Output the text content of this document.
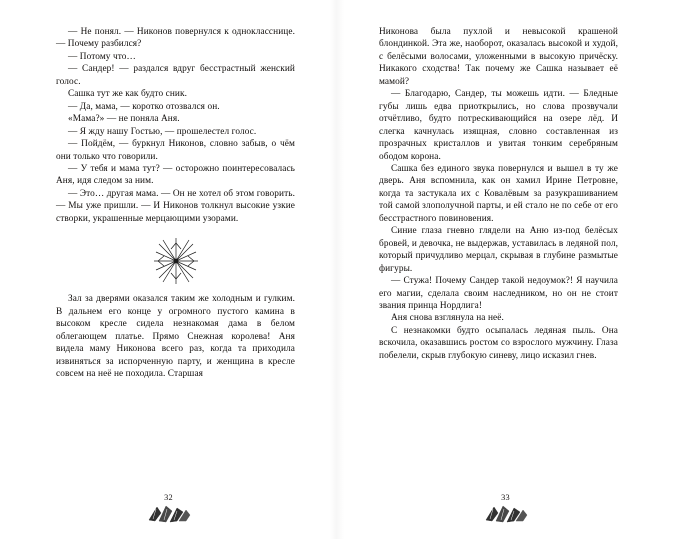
— Не понял. — Никонов повернулся к однокласснице. — Почему разбился?

— Потому что…

— Сандер! — раздался вдруг бесстрастный женский голос.

Сашка тут же как будто сник.

— Да, мама, — коротко отозвался он.

«Мама?» — не поняла Аня.

— Я жду нашу Гостью, — прошелестел голос.

— Пойдём, — буркнул Никонов, словно забыв, о чём они только что говорили.

— У тебя и мама тут? — осторожно поинтересовалась Аня, идя следом за ним.

— Это… другая мама. — Он не хотел об этом говорить. — Мы уже пришли. — И Никонов толкнул высокие узкие створки, украшенные мерцающими узорами.

Зал за дверями оказался таким же холодным и гулким. В дальнем его конце у огромного пустого камина в высоком кресле сидела незнакомая дама в белом облегающем платье. Прямо Снежная королева! Аня видела маму Никонова всего раз, когда та приходила извиняться за испорченную парту, и женщина в кресле совсем на неё не походила. Старшая

32

Никонова была пухлой и невысокой крашеной блондинкой. Эта же, наоборот, оказалась высокой и худой, с белёсыми волосами, уложенными в высокую причёску. Никакого сходства! Так почему же Сашка называет её мамой?

— Благодарю, Сандер, ты можешь идти. — Бледные губы лишь едва приоткрылись, но слова прозвучали отчётливо, будто потрескивающийся на озере лёд. И слегка качнулась изящная, словно составленная из прозрачных кристаллов и увитая тонким серебряным ободом корона.

Сашка без единого звука повернулся и вышел в ту же дверь. Аня вспомнила, как он хамил Ирине Петровне, когда та застукала их с Ковалёвым за разукрашиванием той самой злополучной парты, и ей стало не по себе от его бесстрастного повиновения.

Синие глаза гневно глядели на Аню из-под белёсых бровей, и девочка, не выдержав, уставилась в ледяной пол, который причудливо мерцал, скрывая в глубине размытые фигуры.

— Стужа! Почему Сандер такой недоумок?! Я научила его магии, сделала своим наследником, но он не стоит звания принца Нордлига!

Аня снова взглянула на неё.

С незнакомки будто осыпалась ледяная пыль. Она вскочила, оказавшись ростом со взрослого мужчину. Глаза побелели, скрыв глубокую синеву, лицо исказил гнев.

33
